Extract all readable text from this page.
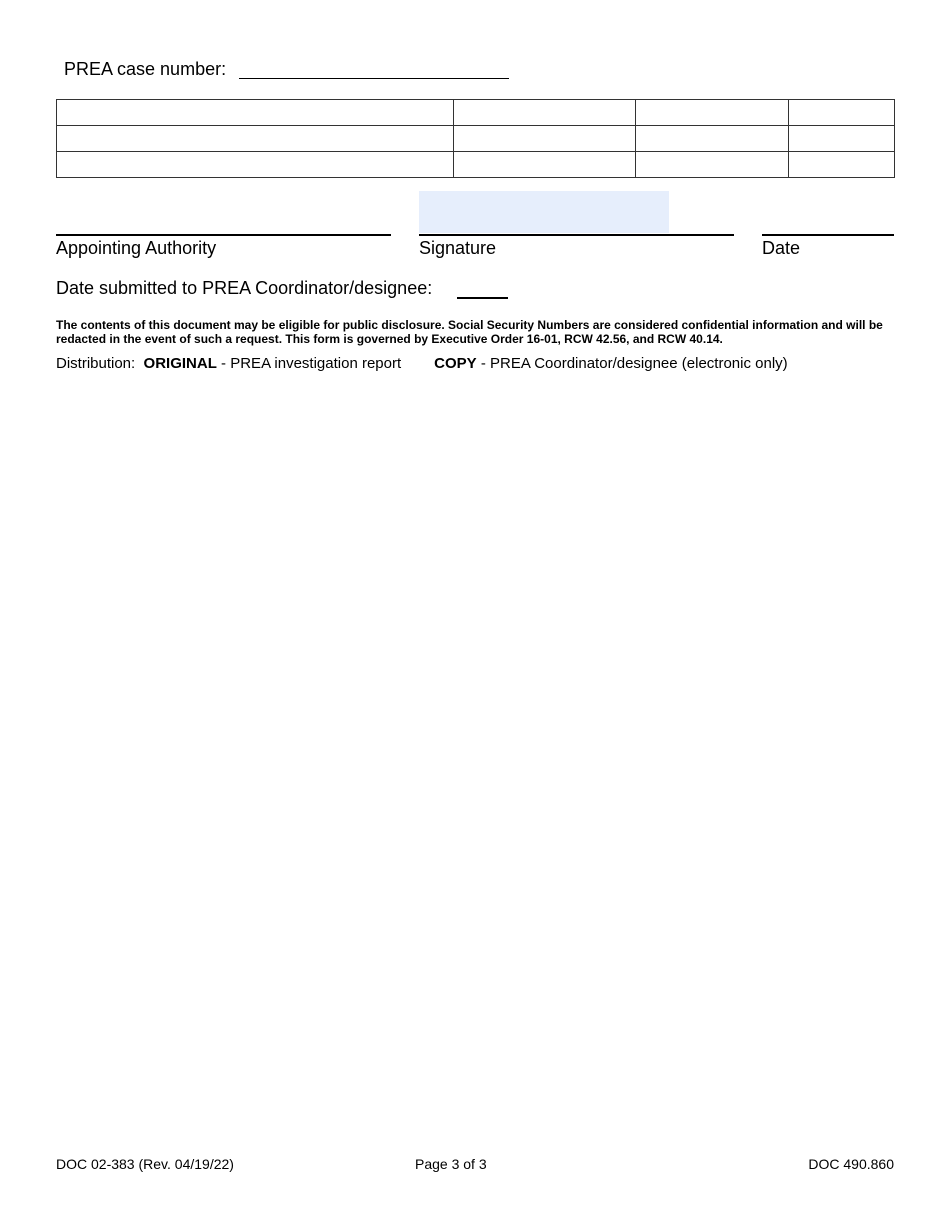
PREA case number:

Appointing Authority	Signature	Date
Date submitted to PREA Coordinator/designee:
The contents of this document may be eligible for public disclosure. Social Security Numbers are considered confidential information and will be redacted in the event of such a request. This form is governed by Executive Order 16-01, RCW 42.56, and RCW 40.14.
Distribution: ORIGINAL - PREA investigation report COPY - PREA Coordinator/designee (electronic only)
DOC 02-383 (Rev. 04/19/22)	Page 3 of 3	DOC 490.860
